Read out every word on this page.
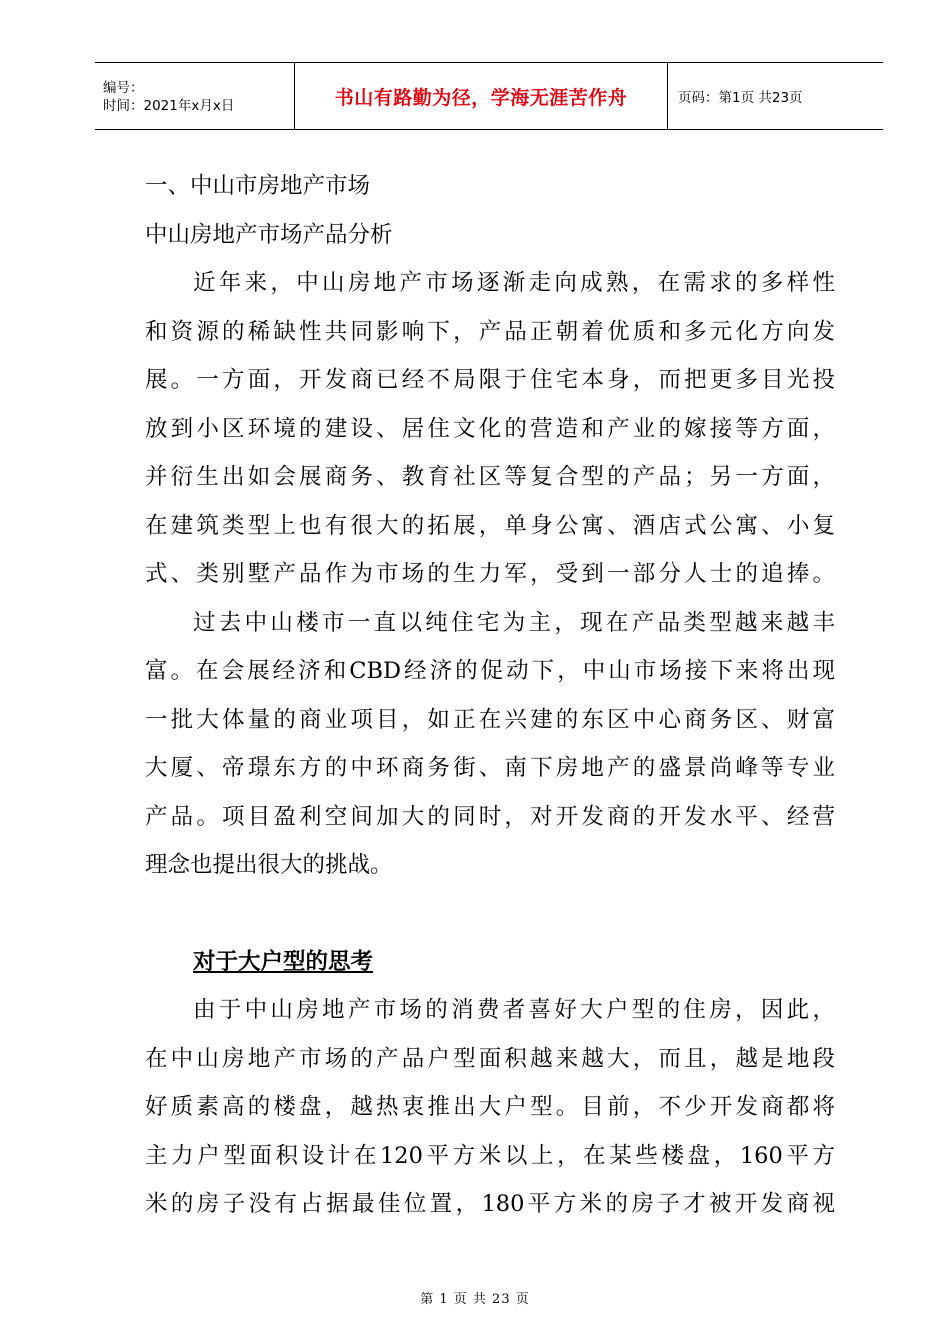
编号：
时间：2021年x月x日	书山有路勤为径，学海无涯苦作舟	页码：第1页 共23页
一、中山市房地产市场
中山房地产市场产品分析
近年来，中山房地产市场逐渐走向成熟，在需求的多样性
和资源的稀缺性共同影响下，产品正朝着优质和多元化方向发
展。一方面，开发商已经不局限于住宅本身，而把更多目光投
放到小区环境的建设、居住文化的营造和产业的嫁接等方面，
并衍生出如会展商务、教育社区等复合型的产品；另一方面，
在建筑类型上也有很大的拓展，单身公寓、酒店式公寓、小复
式、类别墅产品作为市场的生力军，受到一部分人士的追捧。
过去中山楼市一直以纯住宅为主，现在产品类型越来越丰
富。在会展经济和CBD经济的促动下，中山市场接下来将出现
一批大体量的商业项目，如正在兴建的东区中心商务区、财富
大厦、帝璟东方的中环商务街、南下房地产的盛景尚峰等专业
产品。项目盈利空间加大的同时，对开发商的开发水平、经营
理念也提出很大的挑战。
对于大户型的思考
由于中山房地产市场的消费者喜好大户型的住房，因此，
在中山房地产市场的产品户型面积越来越大，而且，越是地段
好质素高的楼盘，越热衷推出大户型。目前，不少开发商都将
主力户型面积设计在120平方米以上，在某些楼盘，160平方
米的房子没有占据最佳位置，180平方米的房子才被开发商视
第 1 页 共 23 页
